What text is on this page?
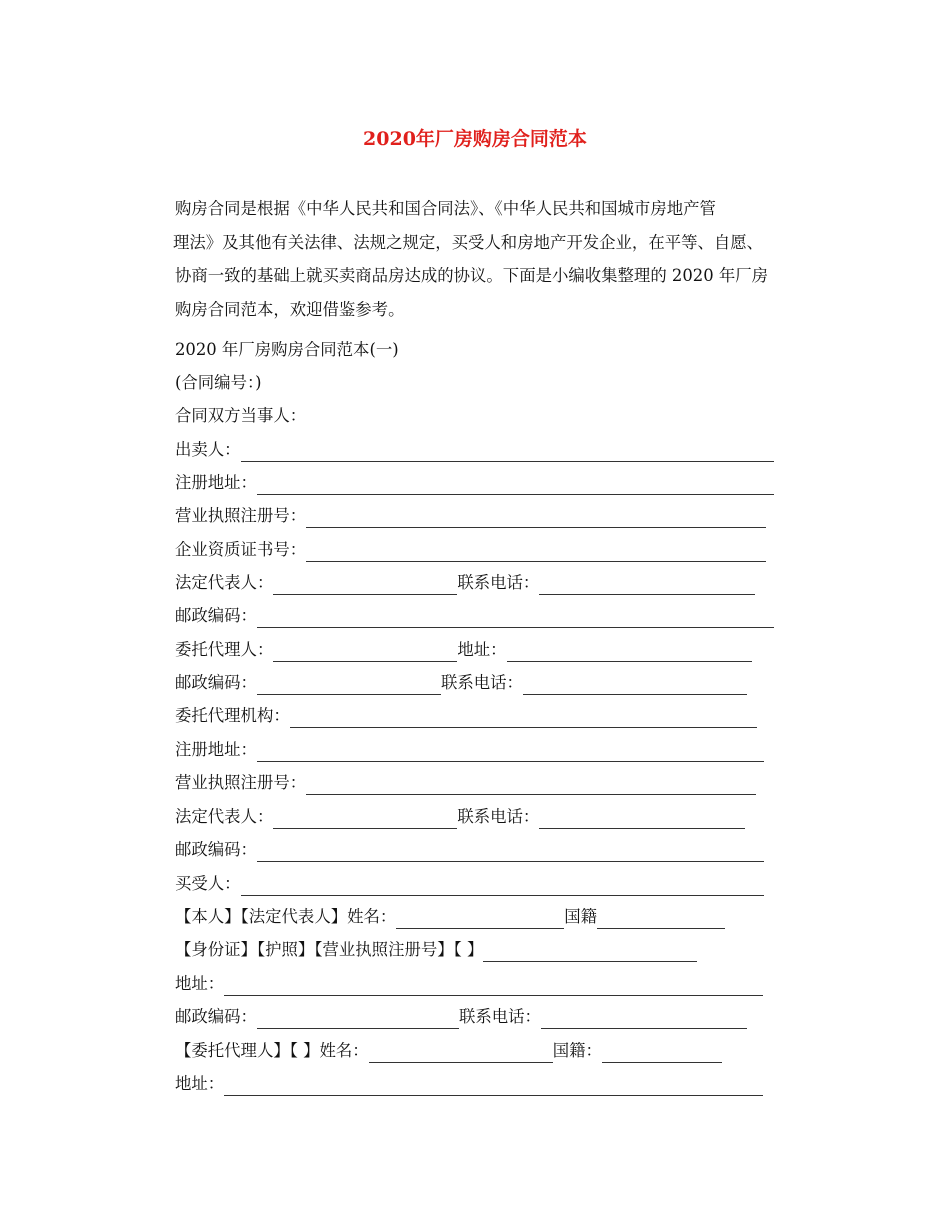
2020年厂房购房合同范本
购房合同是根据《中华人民共和国合同法》、《中华人民共和国城市房地产管
理法》及其他有关法律、法规之规定，买受人和房地产开发企业，在平等、自愿、
协商一致的基础上就买卖商品房达成的协议。下面是小编收集整理的 2020 年厂房
购房合同范本，欢迎借鉴参考。
2020 年厂房购房合同范本(一)
(合同编号：)
合同双方当事人：
出卖人：
注册地址：
营业执照注册号：
企业资质证书号：
法定代表人：	联系电话：
邮政编码：
委托代理人：	地址：
邮政编码：	联系电话：
委托代理机构：
注册地址：
营业执照注册号：
法定代表人：	联系电话：
邮政编码：
买受人：
【本人】【法定代表人】姓名：	国籍
【身份证】【护照】【营业执照注册号】【 】
地址：
邮政编码：	联系电话：
【委托代理人】【 】姓名：	国籍：
地址：
